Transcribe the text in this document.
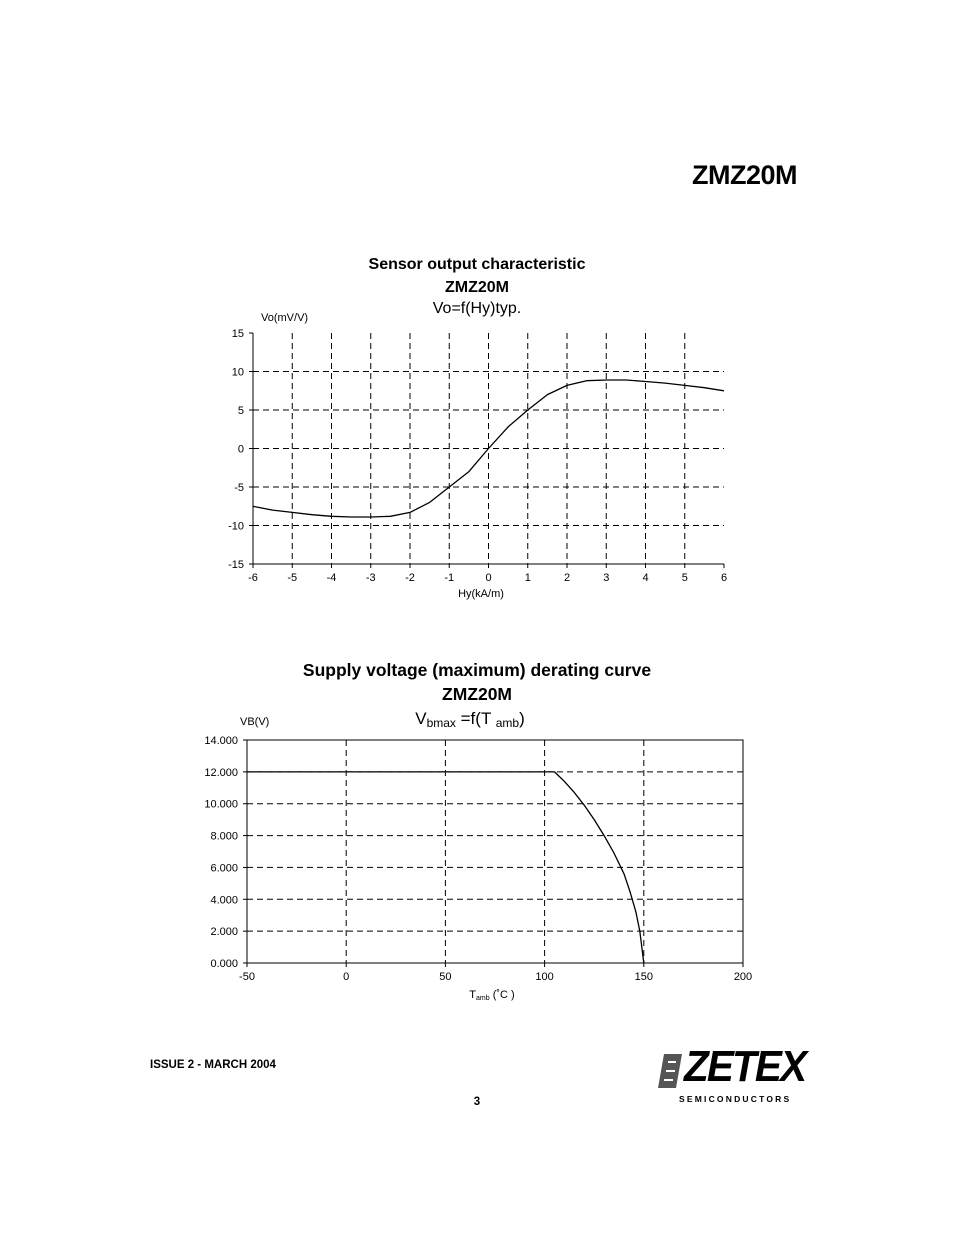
ZMZ20M
Sensor output characteristic
ZMZ20M
Vo=f(Hy)typ.
Vo(mV/V)
Hy(kA/m)
-6	-5	-4	-3	-2	-1	0	1	2	3	4	5	6
15
10
5
0
-5
-10
-15
Supply voltage (maximum) derating curve
ZMZ20M
$V_{bmax} =f(T$ $_{amb}$)
VB(V)
$T_{amb}$ (˚C )
-50	0	50	100	150	200
14.000
12.000
10.000
8.000
6.000
4.000
2.000
0.000
ISSUE 2 - MARCH 2004
3
ZETEX
SEMICONDUCTORS
